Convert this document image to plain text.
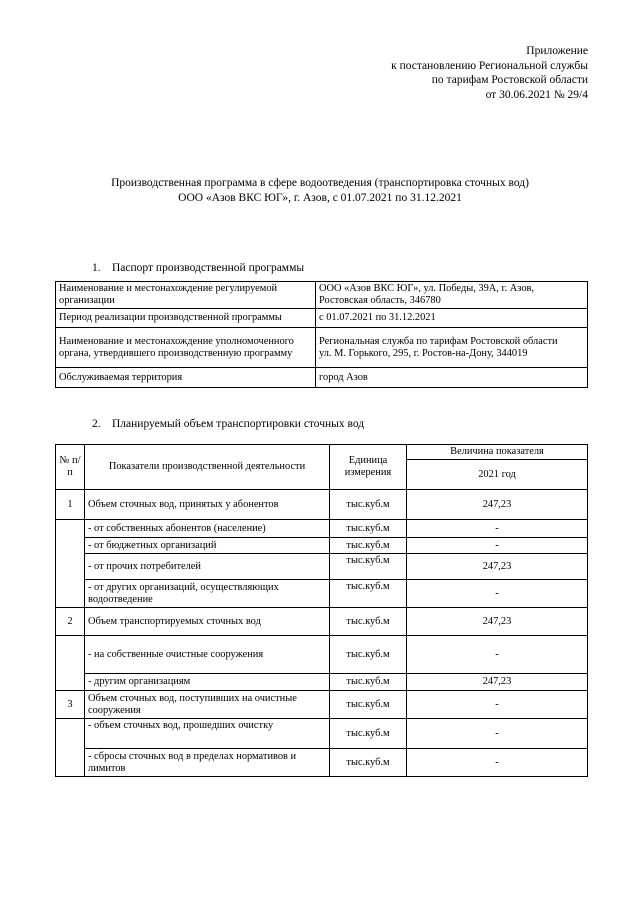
Приложение
к постановлению Региональной службы
по тарифам Ростовской области
от 30.06.2021 № 29/4
Производственная программа в сфере водоотведения (транспортировка сточных вод)
ООО «Азов ВКС ЮГ», г. Азов, с 01.07.2021 по 31.12.2021
1. Паспорт производственной программы
Наименование и местонахождение регулируемой организации	ООО «Азов ВКС ЮГ», ул. Победы, 39А, г. Азов, Ростовская область, 346780
Период реализации производственной программы	с 01.07.2021 по 31.12.2021
Наименование и местонахождение уполномоченного органа, утвердившего производственную программу	Региональная служба по тарифам Ростовской области
ул. М. Горького, 295, г. Ростов-на-Дону, 344019

Обслуживаемая территория	город Азов
2. Планируемый объем транспортировки сточных вод
№ п/п	Показатели производственной деятельности	Единица измерения	Величина показателя
			2021 год
1	Объем сточных вод, принятых у абонентов	тыс.куб.м	247,23
	- от собственных абонентов (население)	тыс.куб.м	-
	- от бюджетных организаций	тыс.куб.м	-
	- от прочих потребителей	тыс.куб.м	247,23
	- от других организаций, осуществляющих водоотведение	тыс.куб.м	-
2	Объем транспортируемых сточных вод	тыс.куб.м	247,23
	- на собственные очистные сооружения	тыс.куб.м	-
	- другим организациям	тыс.куб.м	247,23
3	Объем сточных вод, поступивших на очистные сооружения	тыс.куб.м	-
	- объем сточных вод, прошедших очистку	тыс.куб.м	-
	- сбросы сточных вод в пределах нормативов и лимитов	тыс.куб.м	-
